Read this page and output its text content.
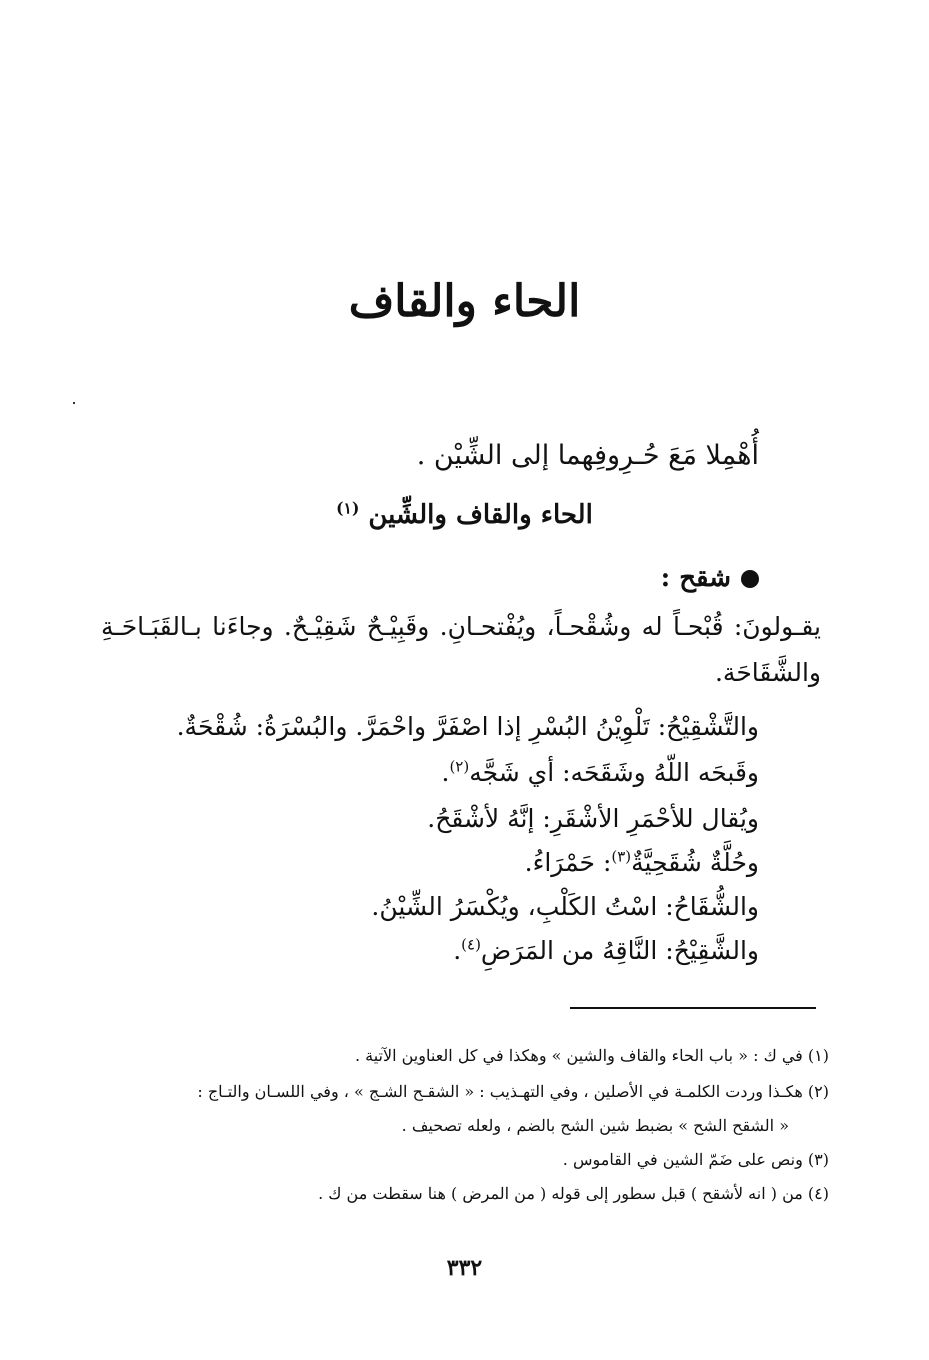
الحاء والقاف
أُهْمِلا مَعَ حُـرِوفِهما إلى الشِّيْن .
الحاء والقاف والشِّين $^{(١)}$
شقح :
يقـولونَ: قُبْحـاً له وشُقْحـاً، ويُفْتحـانِ. وقَبِيْـحٌ شَقِيْـحٌ. وجاءَنا بـالقَبَـاحَـةِ والشَّقَاحَة.
والتَّشْقِيْحُ: تَلْوِيْنُ البُسْرِ إذا اصْفَرَّ واحْمَرَّ. والبُسْرَةُ: شُقْحَةٌ.
وقَبحَه اللّهُ وشَقَحَه: أي شَجَّه$^{(٢)}$.
ويُقال للأحْمَرِ الأشْقَرِ: إنَّهُ لأشْقَحُ.
وحُلَّةٌ شُقَحِيَّةٌ$^{(٣)}$: حَمْرَاءُ.
والشُّقَاحُ: اسْتُ الكَلْبِ، ويُكْسَرُ الشِّيْنُ.
والشَّقِيْحُ: النَّاقِهُ من المَرَضِ$^{(٤)}$.
(١) في ك : « باب الحاء والقاف والشين » وهكذا في كل العناوين الآتية .
(٢) هكـذا وردت الكلمـة في الأصلين ، وفي التهـذيب : « الشقـح الشـج » ، وفي اللسـان والتـاج :
« الشقح الشح » بضبط شين الشح بالضم ، ولعله تصحيف .
(٣) ونص على ضَمّ الشين في القاموس .
(٤) من ( انه لأشقح ) قبل سطور إلى قوله ( من المرض ) هنا سقطت من ك .
٣٣٢
